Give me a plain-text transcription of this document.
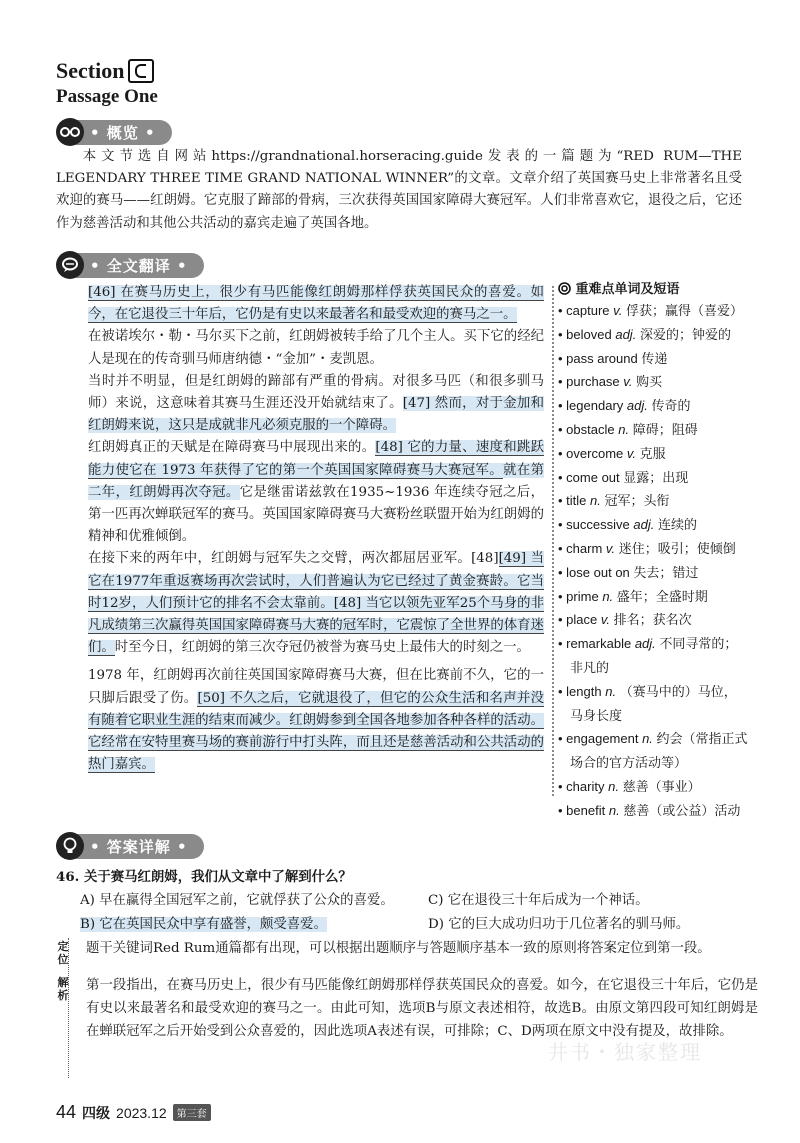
Section
Passage One
• 概览 •
本文节选自网站https://grandnational.horseracing.guide发表的一篇题为“RED RUM—THE LEGENDARY THREE TIME GRAND NATIONAL WINNER”的文章。文章介绍了英国赛马史上非常著名且受欢迎的赛马——红朗姆。它克服了蹄部的骨病，三次获得英国国家障碍大赛冠军。人们非常喜欢它，退役之后，它还作为慈善活动和其他公共活动的嘉宾走遍了英国各地。
• 全文翻译 •
[46] 在赛马历史上，很少有马匹能像红朗姆那样俘获英国民众的喜爱。如今，在它退役三十年后，它仍是有史以来最著名和最受欢迎的赛马之一。
在被诺埃尔・勒・马尔买下之前，红朗姆被转手给了几个主人。买下它的经纪人是现在的传奇驯马师唐纳德・“金加”・麦凯恩。
当时并不明显，但是红朗姆的蹄部有严重的骨病。对很多马匹（和很多驯马师）来说，这意味着其赛马生涯还没开始就结束了。[47] 然而，对于金加和红朗姆来说，这只是成就非凡必须克服的一个障碍。
红朗姆真正的天赋是在障碍赛马中展现出来的。[48] 它的力量、速度和跳跃能力使它在 1973 年获得了它的第一个英国国家障碍赛马大赛冠军。就在第二年，红朗姆再次夺冠。它是继雷诺兹敦在1935~1936 年连续夺冠之后，第一匹再次蝉联冠军的赛马。英国国家障碍赛马大赛粉丝联盟开始为红朗姆的精神和优雅倾倒。
在接下来的两年中，红朗姆与冠军失之交臂，两次都屈居亚军。[48][49] 当它在1977年重返赛场再次尝试时，人们普遍认为它已经过了黄金赛龄。它当时12岁，人们预计它的排名不会太靠前。[48] 当它以领先亚军25个马身的非凡成绩第三次赢得英国国家障碍赛马大赛的冠军时，它震惊了全世界的体育迷们。时至今日，红朗姆的第三次夺冠仍被誉为赛马史上最伟大的时刻之一。
1978 年，红朗姆再次前往英国国家障碍赛马大赛，但在比赛前不久，它的一只脚后跟受了伤。[50] 不久之后，它就退役了，但它的公众生活和名声并没有随着它职业生涯的结束而减少。红朗姆参到全国各地参加各种各样的活动。它经常在安特里赛马场的赛前游行中打头阵，而且还是慈善活动和公共活动的热门嘉宾。
重难点单词及短语
• capture v. 俘获；赢得（喜爱）
• beloved adj. 深爱的；钟爱的
• pass around 传递
• purchase v. 购买
• legendary adj. 传奇的
• obstacle n. 障碍；阻碍
• overcome v. 克服
• come out 显露；出现
• title n. 冠军；头衔
• successive adj. 连续的
• charm v. 迷住；吸引；使倾倒
• lose out on 失去；错过
• prime n. 盛年；全盛时期
• place v. 排名；获名次
• remarkable adj. 不同寻常的；
非凡的
• length n. （赛马中的）马位，
马身长度
• engagement n. 约会（常指正式
场合的官方活动等）
• charity n. 慈善（事业）
• benefit n. 慈善（或公益）活动
• 答案详解 •
46. 关于赛马红朗姆，我们从文章中了解到什么？
A) 早在赢得全国冠军之前，它就俘获了公众的喜爱。	C) 它在退役三十年后成为一个神话。
B) 它在英国民众中享有盛誉，颇受喜爱。	D) 它的巨大成功归功于几位著名的驯马师。
定位
题干关键词Red Rum通篇都有出现，可以根据出题顺序与答题顺序基本一致的原则将答案定位到第一段。
解析
第一段指出，在赛马历史上，很少有马匹能像红朗姆那样俘获英国民众的喜爱。如今，在它退役三十年后，它仍是有史以来最著名和最受欢迎的赛马之一。由此可知，选项B与原文表述相符，故选B。由原文第四段可知红朗姆是在蝉联冠军之后开始受到公众喜爱的，因此选项A表述有误，可排除；C、D两项在原文中没有提及，故排除。
井书・独家整理
44 四级 2023.12	第三套
